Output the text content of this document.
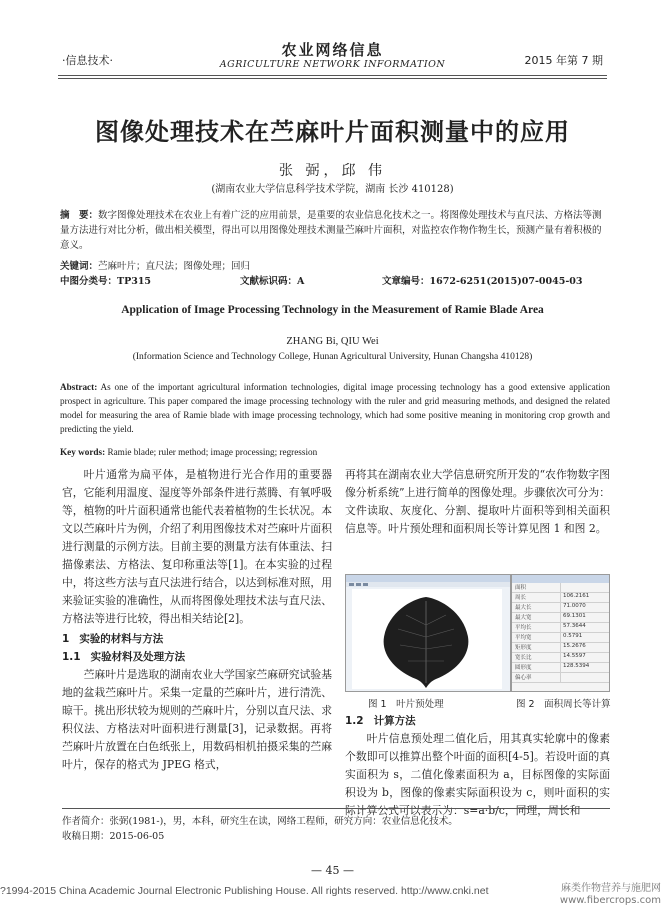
·信息技术·
农业网络信息
AGRICULTURE NETWORK INFORMATION	2015 年第 7 期
图像处理技术在苎麻叶片面积测量中的应用
张 弼，邱 伟
(湖南农业大学信息科学技术学院，湖南 长沙 410128)
摘　要：数字图像处理技术在农业上有着广泛的应用前景，是重要的农业信息化技术之一。将图像处理技术与直尺法、方格法等测量方法进行对比分析，做出相关模型，得出可以用图像处理技术测量苎麻叶片面积，对监控农作物作物生长，预测产量有着积极的意义。
关键词：苎麻叶片；直尺法；图像处理；回归
中图分类号：TP315	文献标识码：A	文章编号：1672-6251(2015)07-0045-03
Application of Image Processing Technology in the Measurement of Ramie Blade Area
ZHANG Bi, QIU Wei
(Information Science and Technology College, Hunan Agricultural University, Hunan Changsha 410128)
Abstract: As one of the important agricultural information technologies, digital image processing technology has a good extensive application prospect in agriculture. This paper compared the image processing technology with the ruler and grid measuring methods, and designed the related model for measuring the area of Ramie blade with image processing technology, which had some positive meaning in monitoring crop growth and predicting the yield.
Key words: Ramie blade; ruler method; image processing; regression

叶片通常为扁平体，是植物进行光合作用的重要器官，它能利用温度、湿度等外部条件进行蒸腾、有氧呼吸等，植物的叶片面积通常也能代表着植物的生长状况。本文以苎麻叶片为例，介绍了利用图像技术对苎麻叶片面积进行测量的示例方法。目前主要的测量方法有体重法、扫描像素法、方格法、复印称重法等[1]。在本实验的过程中，将这些方法与直尺法进行结合，以达到标准对照，用来验证实验的准确性，从而将图像处理技术法与直尺法、方格法等进行比较，得出相关结论[2]。

1 实验的材料与方法

1.1 实验材料及处理方法

苎麻叶片是选取的湖南农业大学国家苎麻研究试验基地的盆栽苎麻叶片。采集一定量的苎麻叶片，进行清洗、晾干。挑出形状较为规则的苎麻叶片，分别以直尺法、求积仪法、方格法对叶面积进行测量[3]，记录数据。再将苎麻叶片放置在白色纸张上，用数码相机拍摄采集的苎麻叶片，保存的格式为 JPEG 格式，

再将其在湖南农业大学信息研究所开发的“农作物数字图像分析系统”上进行简单的图像处理。步骤依次可分为：文件读取、灰度化、分割、提取叶片面积等到相关面积信息等。叶片预处理和面积周长等计算见图 1 和图 2。

面积
周长	106.2161
最大长	71.0070
最大宽	69.1301
平均长	57.3644
平均宽	0.5791
矩形度	15.2676
宽长比	14.5597
圆形度	128.5394
偏心率
图 1　叶片预处理	图 2　面积周长等计算

1.2 计算方法

叶片信息预处理二值化后，用其真实轮廓中的像素个数即可以推算出整个叶面的面积[4-5]。若设叶面的真实面积为 s，二值化像素面积为 a，目标图像的实际面积设为 b，图像的像素实际面积设为 c，则叶面积的实际计算公式可以表示为：s=a·b/c，同理，周长和

作者简介：张弼(1981-)，男，本科，研究生在读，网络工程师，研究方向：农业信息化技术。
收稿日期：2015-06-05
— 45 —
?1994-2015 China Academic Journal Electronic Publishing House. All rights reserved. http://www.cnki.net	麻类作物营养与施肥网
www.fibercrops.com
